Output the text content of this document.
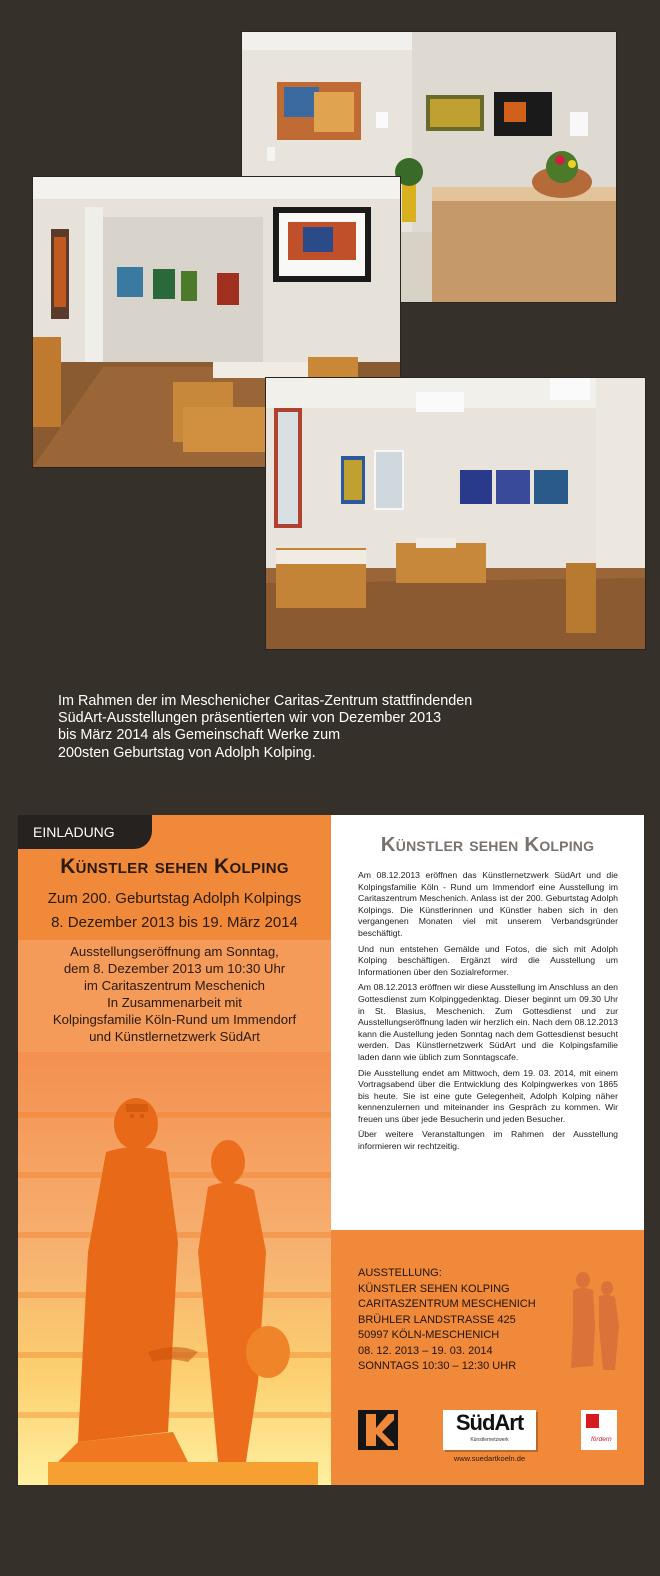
Im Rahmen der im Meschenicher Caritas-Zentrum stattfindenden
SüdArt-Ausstellungen präsentierten wir von Dezember 2013
bis März 2014 als Gemeinschaft Werke zum
200sten Geburtstag von Adolph Kolping.
EINLADUNG
Künstler sehen Kolping
Zum 200. Geburtstag Adolph Kolpings
8. Dezember 2013 bis 19. März 2014
Ausstellungseröffnung am Sonntag,
dem 8. Dezember 2013 um 10:30 Uhr
im Caritaszentrum Meschenich
In Zusammenarbeit mit
Kolpingsfamilie Köln-Rund um Immendorf
und Künstlernetzwerk SüdArt
Künstler sehen Kolping

Am 08.12.2013 eröffnen das Künstlernetzwerk SüdArt und die Kolpingsfamilie Köln - Rund um Immendorf eine Ausstellung im Caritaszentrum Meschenich. Anlass ist der 200. Geburtstag Adolph Kolpings. Die Künstlerinnen und Künstler haben sich in den vergangenen Monaten viel mit unserem Verbandsgründer beschäftigt.

Und nun entstehen Gemälde und Fotos, die sich mit Adolph Kolping beschäftigen. Ergänzt wird die Ausstellung um Informationen über den Sozialreformer.

Am 08.12.2013 eröffnen wir diese Ausstellung im Anschluss an den Gottesdienst zum Kolpinggedenktag. Dieser beginnt um 09.30 Uhr in St. Blasius, Meschenich. Zum Gottesdienst und zur Ausstellungseröffnung laden wir herzlich ein. Nach dem 08.12.2013 kann die Austellung jeden Sonntag nach dem Gottesdienst besucht werden. Das Künstlernetzwerk SüdArt und die Kolpingsfamilie laden dann wie üblich zum Sonntagscafe.

Die Ausstellung endet am Mittwoch, dem 19. 03. 2014, mit einem Vortragsabend über die Entwicklung des Kolpingwerkes von 1865 bis heute. Sie ist eine gute Gelegenheit, Adolph Kolping näher kennenzulernen und miteinander ins Gespräch zu kommen. Wir freuen uns über jede Besucherin und jeden Besucher.

Über weitere Veranstaltungen im Rahmen der Ausstellung informieren wir rechtzeitig.

AUSSTELLUNG:
KÜNSTLER SEHEN KOLPING
CARITASZENTRUM MESCHENICH
BRÜHLER LANDSTRASSE 425
50997 KÖLN-MESCHENICH
08. 12. 2013 – 19. 03. 2014
SONNTAGS 10:30 – 12:30 UHR
SüdArt
Künstlernetzwerk
www.suedartkoeln.de
fördern
